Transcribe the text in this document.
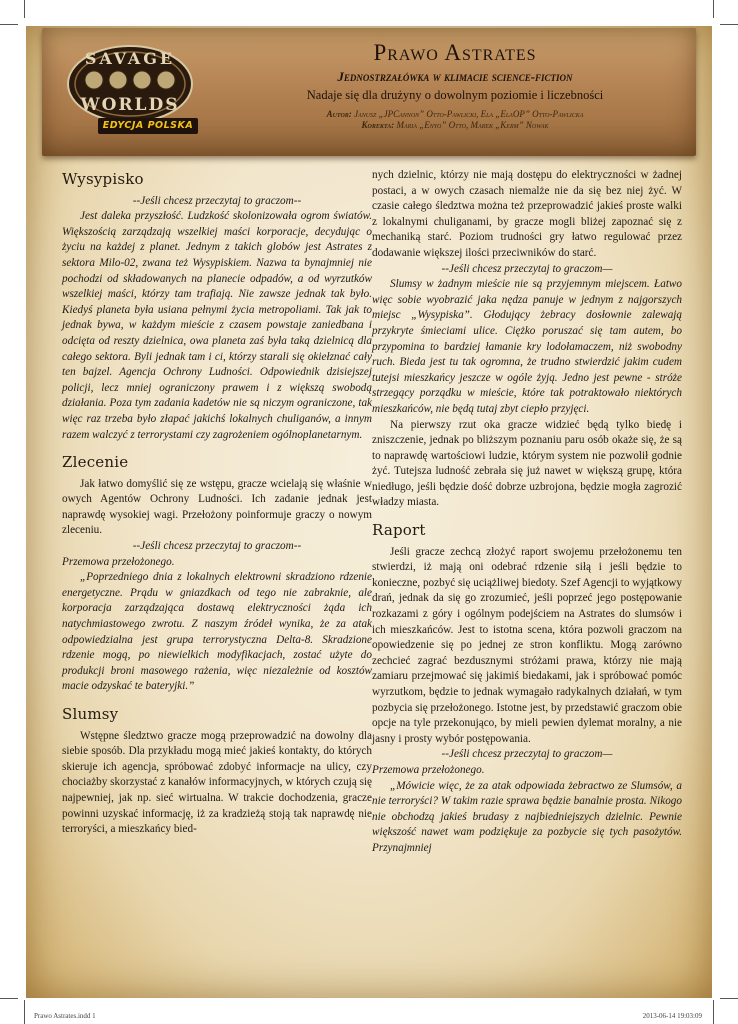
SAVAGE
WORLDS
EDYCJA POLSKA
Prawo Astrates
Jednostrzałówka w klimacie science-fiction
Nadaje się dla drużyny o dowolnym poziomie i liczebności
Autor: Janusz „JPCannon” Otto-Pawlicki, Ela „ElaOP” Otto-Pawlicka
Korekta: Maria „Enyo” Otto, Marek „Kerm” Nowak
Wysypisko

--Jeśli chcesz przeczytaj to graczom--

Jest daleka przyszłość. Ludzkość skolonizowała ogrom światów. Większością zarządzają wszelkiej maści korporacje, decydując o życiu na każdej z planet. Jednym z takich globów jest Astrates z sektora Milo-02, zwana też Wysypiskiem. Nazwa ta bynajmniej nie pochodzi od składowanych na planecie odpadów, a od wyrzutków wszelkiej maści, którzy tam trafiają. Nie zawsze jednak tak było. Kiedyś planeta była usiana pełnymi życia metropoliami. Tak jak to jednak bywa, w każdym mieście z czasem powstaje zaniedbana i odcięta od reszty dzielnica, owa planeta zaś była taką dzielnicą dla całego sektora. Byli jednak tam i ci, którzy starali się okiełznać cały ten bajzel. Agencja Ochrony Ludności. Odpowiednik dzisiejszej policji, lecz mniej ograniczony prawem i z większą swobodą działania. Poza tym zadania kadetów nie są niczym ograniczone, tak więc raz trzeba było złapać jakichś lokalnych chuliganów, a innym razem walczyć z terrorystami czy zagrożeniem ogólnoplanetarnym.

Zlecenie

Jak łatwo domyślić się ze wstępu, gracze wcielają się właśnie w owych Agentów Ochrony Ludności. Ich zadanie jednak jest naprawdę wysokiej wagi. Przełożony poinformuje graczy o nowym zleceniu.

--Jeśli chcesz przeczytaj to graczom--

Przemowa przełożonego.

„Poprzedniego dnia z lokalnych elektrowni skradziono rdzenie energetyczne. Prądu w gniazdkach od tego nie zabraknie, ale korporacja zarządzająca dostawą elektryczności żąda ich natychmiastowego zwrotu. Z naszym źródeł wynika, że za atak odpowiedzialna jest grupa terrorystyczna Delta-8. Skradzione rdzenie mogą, po niewielkich modyfikacjach, zostać użyte do produkcji broni masowego rażenia, więc niezależnie od kosztów macie odzyskać te bateryjki.”

Slumsy

Wstępne śledztwo gracze mogą przeprowadzić na dowolny dla siebie sposób. Dla przykładu mogą mieć jakieś kontakty, do których skieruje ich agencja, spróbować zdobyć informacje na ulicy, czy chociażby skorzystać z kanałów informacyjnych, w których czują się najpewniej, jak np. sieć wirtualna. W trakcie dochodzenia, gracze powinni uzyskać informację, iż za kradzieżą stoją tak naprawdę nie terroryści, a mieszkańcy bied-

nych dzielnic, którzy nie mają dostępu do elektryczności w żadnej postaci, a w owych czasach niemalże nie da się bez niej żyć. W czasie całego śledztwa można też przeprowadzić jakieś proste walki z lokalnymi chuliganami, by gracze mogli bliżej zapoznać się z mechaniką starć. Poziom trudności gry łatwo regulować przez dodawanie większej ilości przeciwników do starć.

--Jeśli chcesz przeczytaj to graczom—

Slumsy w żadnym mieście nie są przyjemnym miejscem. Łatwo więc sobie wyobrazić jaka nędza panuje w jednym z najgorszych miejsc „Wysypiska”. Głodujący żebracy dosłownie zalewają przykryte śmieciami ulice. Ciężko poruszać się tam autem, bo przypomina to bardziej łamanie kry lodołamaczem, niż swobodny ruch. Bieda jest tu tak ogromna, że trudno stwierdzić jakim cudem tutejsi mieszkańcy jeszcze w ogóle żyją. Jedno jest pewne - stróże strzegący porządku w mieście, które tak potraktowało niektórych mieszkańców, nie będą tutaj zbyt ciepło przyjęci.

Na pierwszy rzut oka gracze widzieć będą tylko biedę i zniszczenie, jednak po bliższym poznaniu paru osób okaże się, że są to naprawdę wartościowi ludzie, którym system nie pozwolił godnie żyć. Tutejsza ludność zebrała się już nawet w większą grupę, która niedługo, jeśli będzie dość dobrze uzbrojona, będzie mogła zagrozić władzy miasta.

Raport

Jeśli gracze zechcą złożyć raport swojemu przełożonemu ten stwierdzi, iż mają oni odebrać rdzenie siłą i jeśli będzie to konieczne, pozbyć się uciążliwej biedoty. Szef Agencji to wyjątkowy drań, jednak da się go zrozumieć, jeśli poprzeć jego postępowanie rozkazami z góry i ogólnym podejściem na Astrates do slumsów i ich mieszkańców. Jest to istotna scena, która pozwoli graczom na opowiedzenie się po jednej ze stron konfliktu. Mogą zarówno zechcieć zagrać bezdusznymi stróżami prawa, którzy nie mają zamiaru przejmować się jakimiś biedakami, jak i spróbować pomóc wyrzutkom, będzie to jednak wymagało radykalnych działań, w tym pozbycia się przełożonego. Istotne jest, by przedstawić graczom obie opcje na tyle przekonująco, by mieli pewien dylemat moralny, a nie jasny i prosty wybór postępowania.

--Jeśli chcesz przeczytaj to graczom—

Przemowa przełożonego.

„Mówicie więc, że za atak odpowiada żebractwo ze Slumsów, a nie terroryści? W takim razie sprawa będzie banalnie prosta. Nikogo nie obchodzą jakieś brudasy z najbiedniejszych dzielnic. Pewnie większość nawet wam podziękuje za pozbycie się tych pasożytów. Przynajmniej

Prawo Astrates.indd 1	2013-06-14 19:03:09
